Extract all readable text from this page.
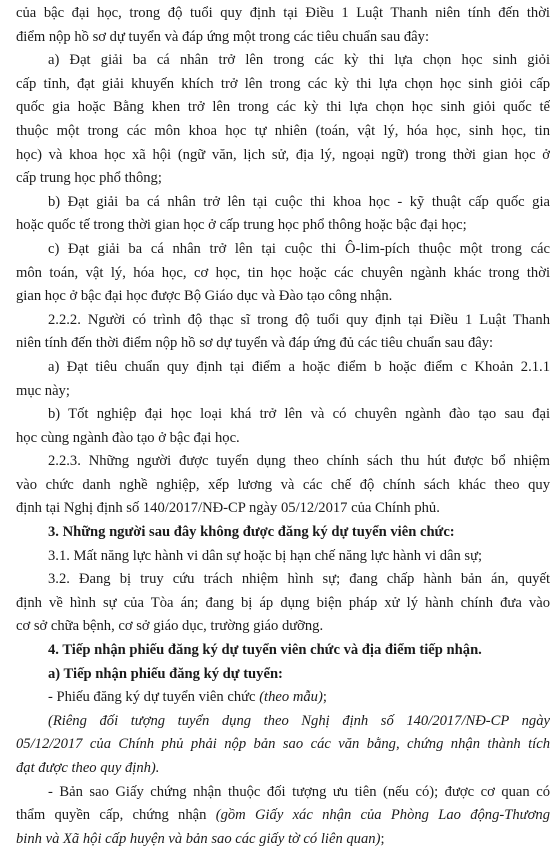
của bậc đại học, trong độ tuổi quy định tại Điều 1 Luật Thanh niên tính đến thời
điểm nộp hồ sơ dự tuyển và đáp ứng một trong các tiêu chuẩn sau đây:
a) Đạt giải ba cá nhân trở lên trong các kỳ thi lựa chọn học sinh giỏi
cấp tỉnh, đạt giải khuyến khích trở lên trong các kỳ thi lựa chọn học sinh giỏi cấp
quốc gia hoặc Bằng khen trở lên trong các kỳ thi lựa chọn học sinh giỏi quốc tế
thuộc một trong các môn khoa học tự nhiên (toán, vật lý, hóa học, sinh học, tin
học) và khoa học xã hội (ngữ văn, lịch sử, địa lý, ngoại ngữ) trong thời gian học ở
cấp trung học phổ thông;
b) Đạt giải ba cá nhân trở lên tại cuộc thi khoa học - kỹ thuật cấp quốc gia
hoặc quốc tế trong thời gian học ở cấp trung học phổ thông hoặc bậc đại học;
c) Đạt giải ba cá nhân trở lên tại cuộc thi Ô-lim-pích thuộc một trong các
môn toán, vật lý, hóa học, cơ học, tin học hoặc các chuyên ngành khác trong thời
gian học ở bậc đại học được Bộ Giáo dục và Đào tạo công nhận.
2.2.2. Người có trình độ thạc sĩ trong độ tuổi quy định tại Điều 1 Luật Thanh
niên tính đến thời điểm nộp hồ sơ dự tuyển và đáp ứng đủ các tiêu chuẩn sau đây:
a) Đạt tiêu chuẩn quy định tại điểm a hoặc điểm b hoặc điểm c Khoản 2.1.1
mục này;
b) Tốt nghiệp đại học loại khá trở lên và có chuyên ngành đào tạo sau đại
học cùng ngành đào tạo ở bậc đại học.
2.2.3. Những người được tuyển dụng theo chính sách thu hút được bổ nhiệm
vào chức danh nghề nghiệp, xếp lương và các chế độ chính sách khác theo quy
định tại Nghị định số 140/2017/NĐ-CP ngày 05/12/2017 của Chính phủ.
3. Những người sau đây không được đăng ký dự tuyển viên chức:
3.1. Mất năng lực hành vi dân sự hoặc bị hạn chế năng lực hành vi dân sự;
3.2. Đang bị truy cứu trách nhiệm hình sự; đang chấp hành bản án, quyết
định về hình sự của Tòa án; đang bị áp dụng biện pháp xử lý hành chính đưa vào
cơ sở chữa bệnh, cơ sở giáo dục, trường giáo dưỡng.
4. Tiếp nhận phiếu đăng ký dự tuyển viên chức và địa điểm tiếp nhận.
a) Tiếp nhận phiếu đăng ký dự tuyển:
- Phiếu đăng ký dự tuyển viên chức (theo mẫu);
(Riêng đối tượng tuyển dụng theo Nghị định số 140/2017/NĐ-CP ngày
05/12/2017 của Chính phủ phải nộp bản sao các văn bằng, chứng nhận thành tích
đạt được theo quy định).
- Bản sao Giấy chứng nhận thuộc đối tượng ưu tiên (nếu có); được cơ quan có
thẩm quyền cấp, chứng nhận (gồm Giấy xác nhận của Phòng Lao động-Thương
binh và Xã hội cấp huyện và bản sao các giấy tờ có liên quan);
